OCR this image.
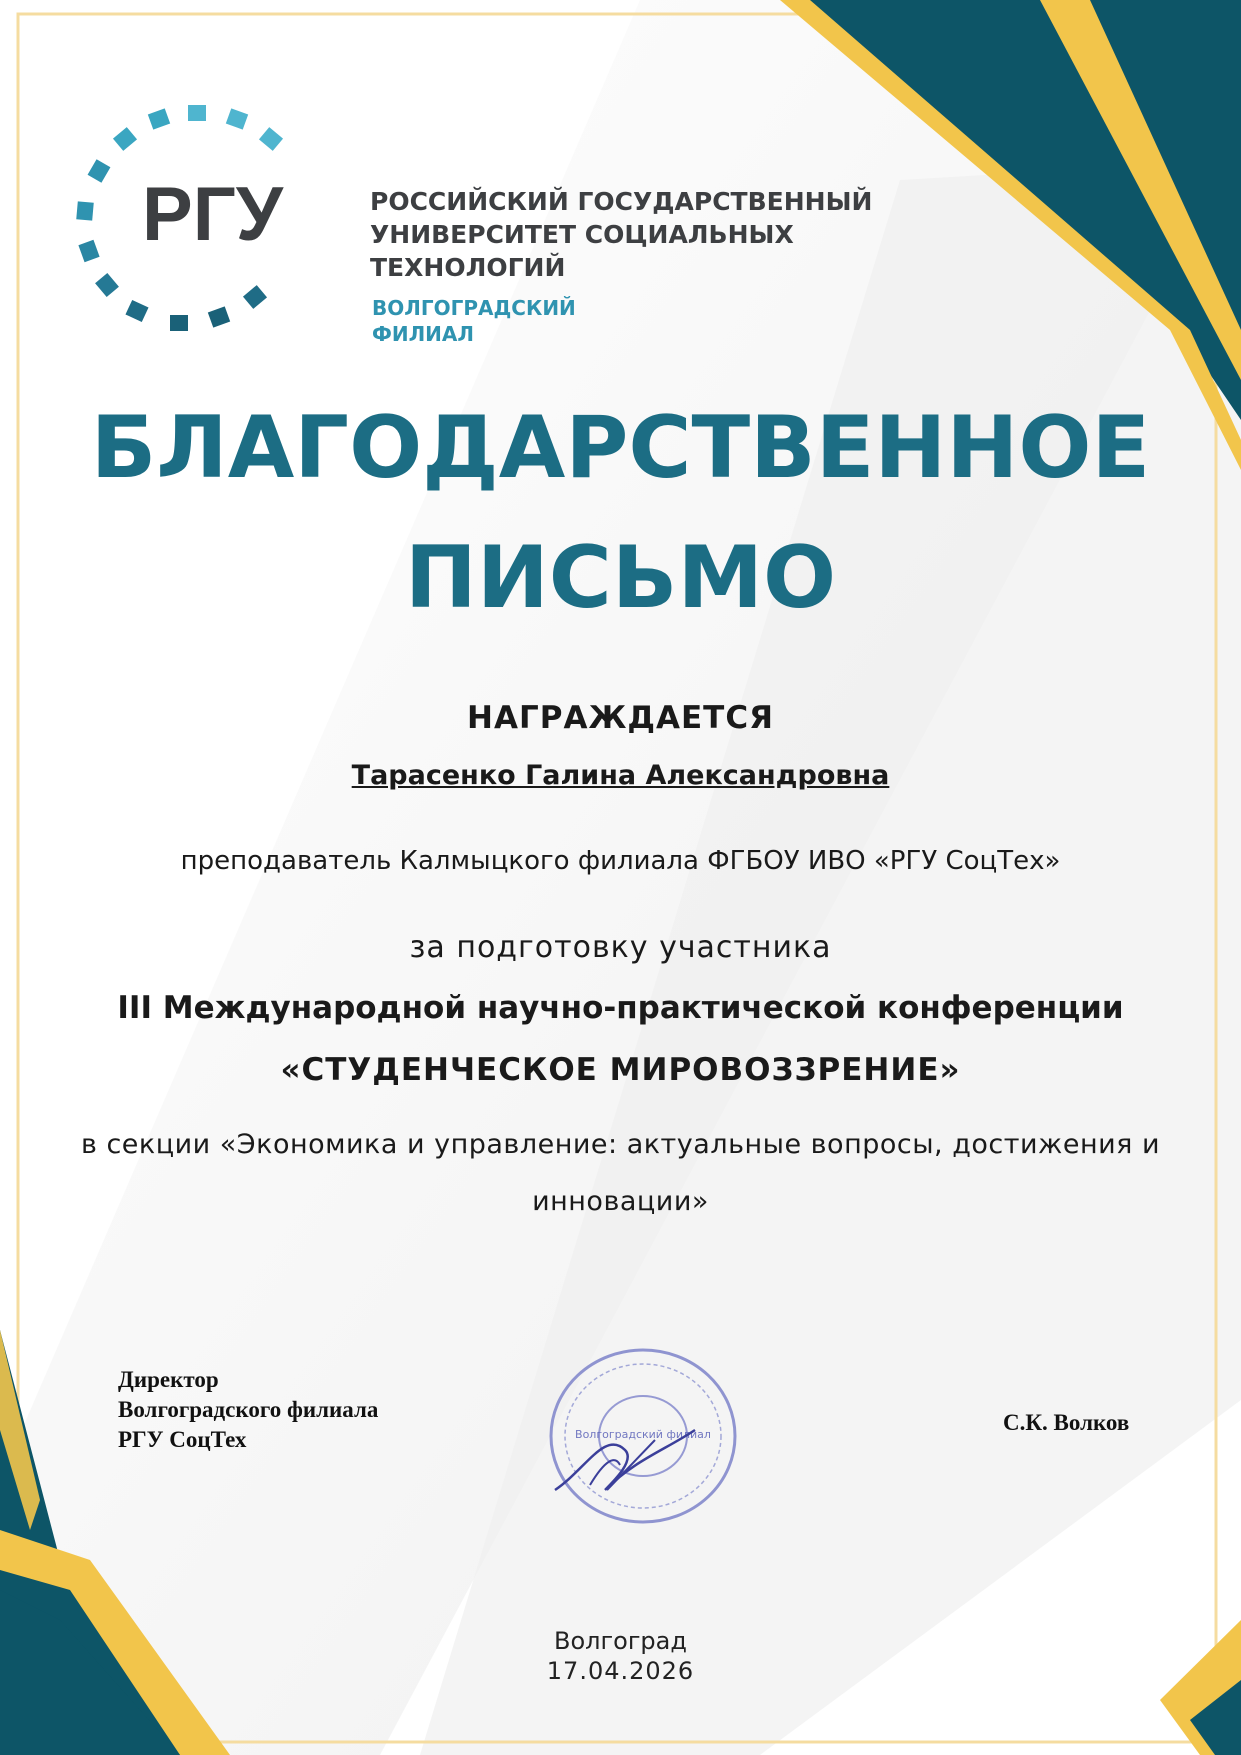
РГУ	РОССИЙСКИЙ ГОСУДАРСТВЕННЫЙ
УНИВЕРСИТЕТ СОЦИАЛЬНЫХ
ТЕХНОЛОГИЙ
ВОЛГОГРАДСКИЙ
ФИЛИАЛ
БЛАГОДАРСТВЕННОЕ
ПИСЬМО
НАГРАЖДАЕТСЯ
Тарасенко Галина Александровна
преподаватель Калмыцкого филиала ФГБОУ ИВО «РГУ СоцТех»
за подготовку участника
III Международной научно-практической конференции
«СТУДЕНЧЕСКОЕ МИРОВОЗЗРЕНИЕ»
в секции «Экономика и управление: актуальные вопросы, достижения и инновации»
Директор
Волгоградского филиала
РГУ СоцТех	Волгоградский филиал	С.К. Волков
Волгоград
17.04.2026
